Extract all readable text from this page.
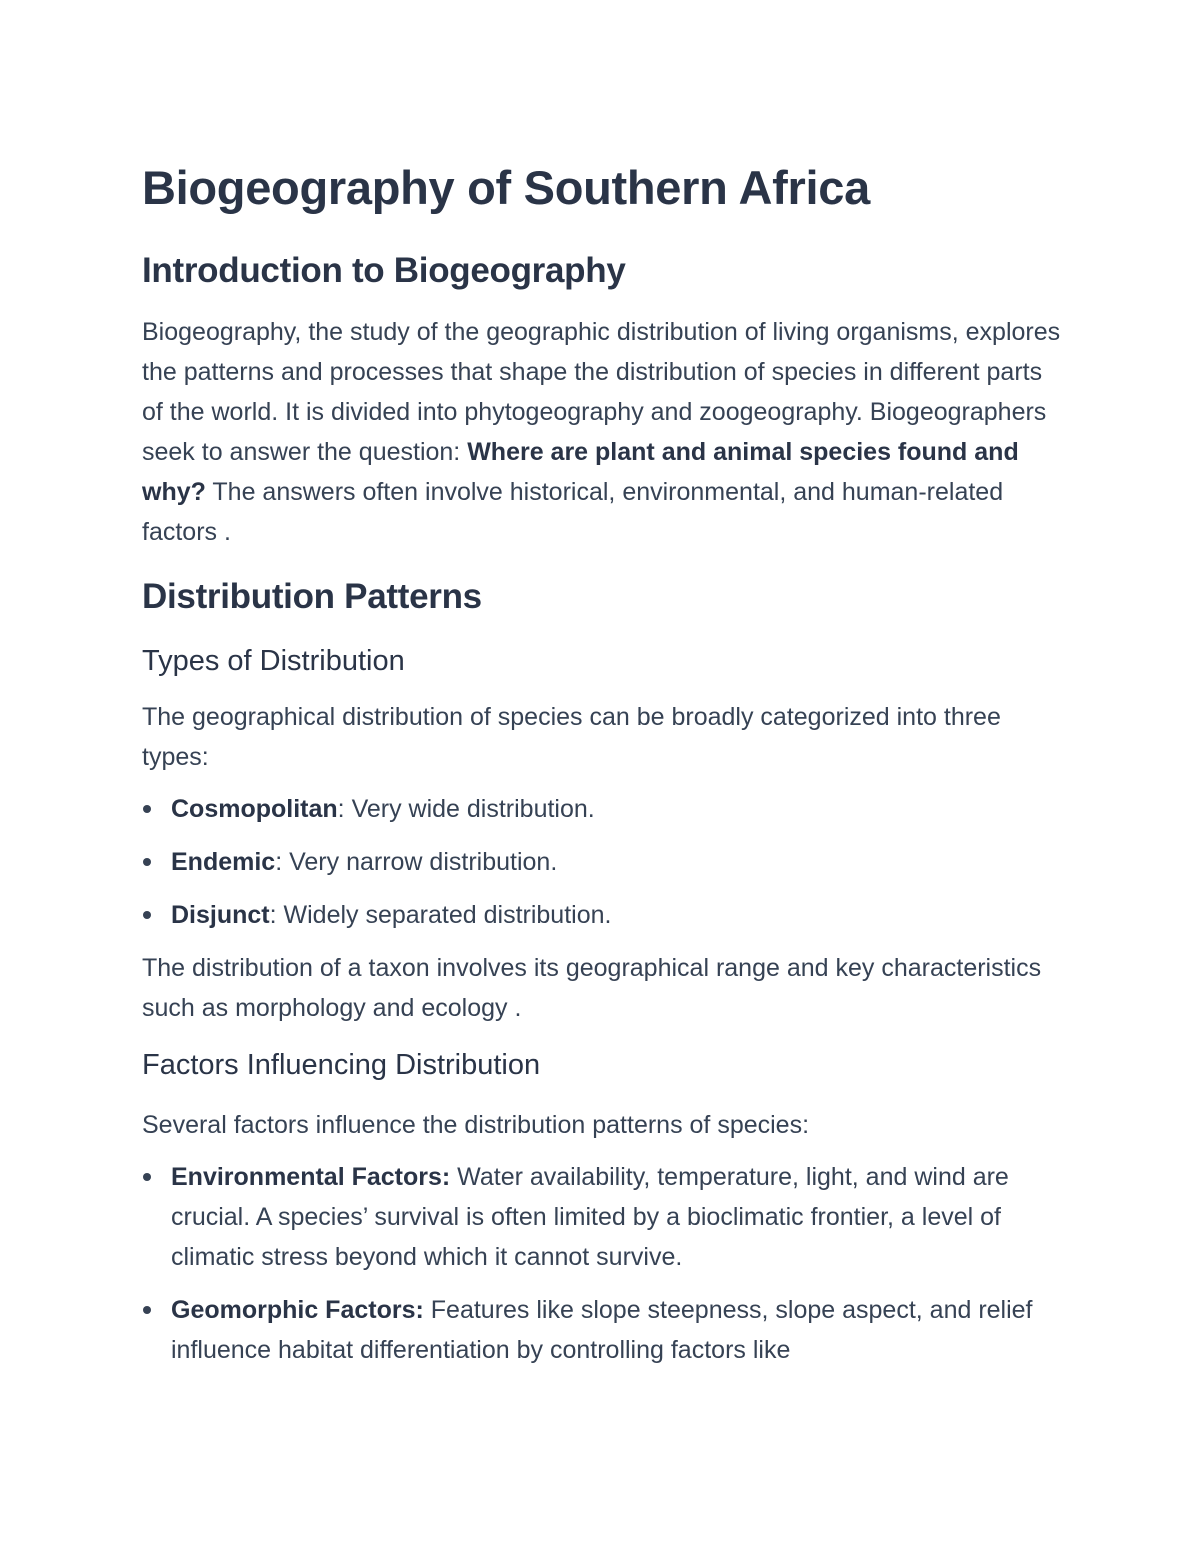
Biogeography of Southern Africa
Introduction to Biogeography

Biogeography, the study of the geographic distribution of living organisms, explores the patterns and processes that shape the distribution of species in different parts of the world. It is divided into phytogeography and zoogeography. Biogeographers seek to answer the question: Where are plant and animal species found and why? The answers often involve historical, environmental, and human-related factors .

Distribution Patterns
Types of Distribution

The geographical distribution of species can be broadly categorized into three types:

Cosmopolitan: Very wide distribution.
Endemic: Very narrow distribution.
Disjunct: Widely separated distribution.

The distribution of a taxon involves its geographical range and key characteristics such as morphology and ecology .

Factors Influencing Distribution

Several factors influence the distribution patterns of species:

Environmental Factors: Water availability, temperature, light, and wind are crucial. A species’ survival is often limited by a bioclimatic frontier, a level of climatic stress beyond which it cannot survive.
Geomorphic Factors: Features like slope steepness, slope aspect, and relief influence habitat differentiation by controlling factors like
